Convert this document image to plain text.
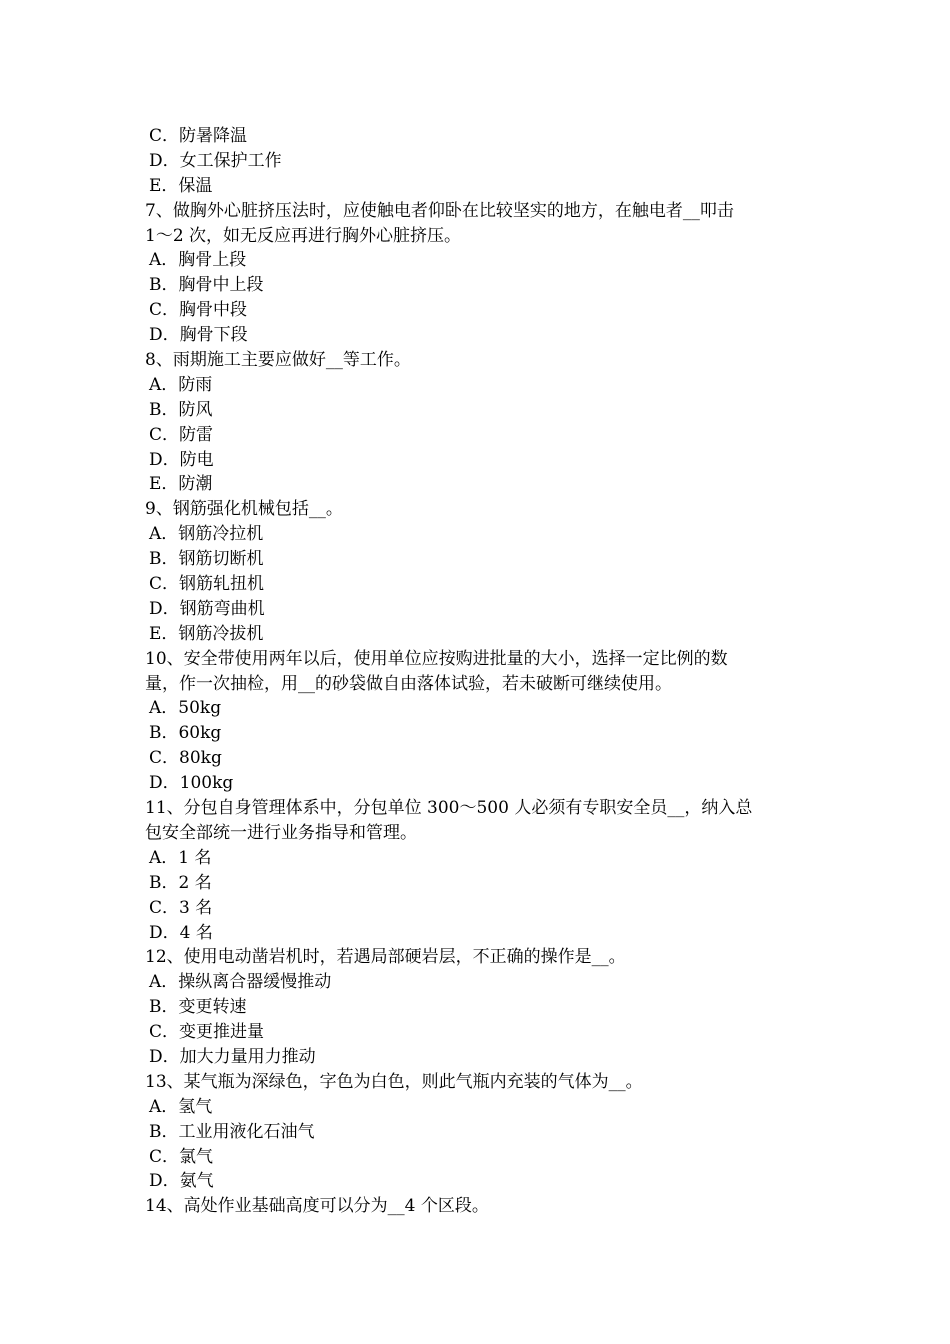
C．防暑降温
D．女工保护工作
E．保温
7、做胸外心脏挤压法时，应使触电者仰卧在比较坚实的地方，在触电者__叩击
1～2 次，如无反应再进行胸外心脏挤压。
A．胸骨上段
B．胸骨中上段
C．胸骨中段
D．胸骨下段
8、雨期施工主要应做好__等工作。
A．防雨
B．防风
C．防雷
D．防电
E．防潮
9、钢筋强化机械包括__。
A．钢筋冷拉机
B．钢筋切断机
C．钢筋轧扭机
D．钢筋弯曲机
E．钢筋冷拔机
10、安全带使用两年以后，使用单位应按购进批量的大小，选择一定比例的数
量，作一次抽检，用__的砂袋做自由落体试验，若未破断可继续使用。
A．50kg
B．60kg
C．80kg
D．100kg
11、分包自身管理体系中，分包单位 300～500 人必须有专职安全员__，纳入总
包安全部统一进行业务指导和管理。
A．1 名
B．2 名
C．3 名
D．4 名
12、使用电动凿岩机时，若遇局部硬岩层，不正确的操作是__。
A．操纵离合器缓慢推动
B．变更转速
C．变更推进量
D．加大力量用力推动
13、某气瓶为深绿色，字色为白色，则此气瓶内充装的气体为__。
A．氢气
B．工业用液化石油气
C．氯气
D．氨气
14、高处作业基础高度可以分为__4 个区段。
